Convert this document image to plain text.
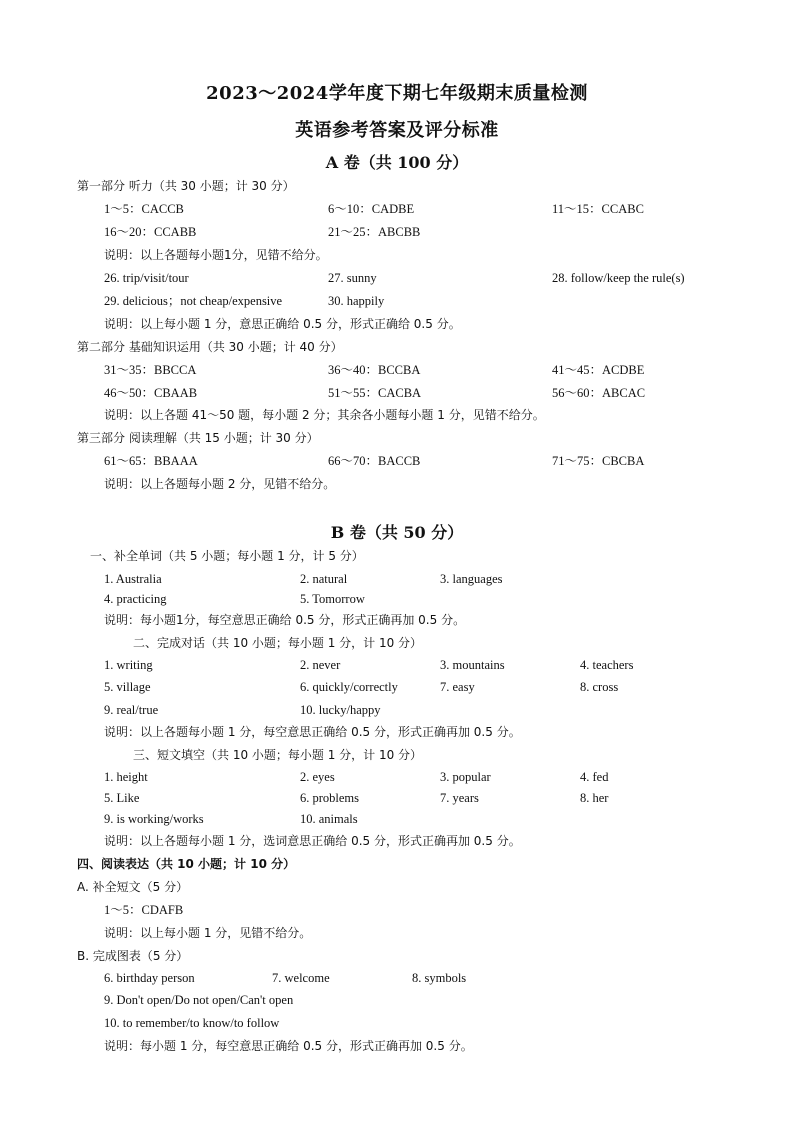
2023～2024学年度下期七年级期末质量检测
英语参考答案及评分标准
A 卷（共 100 分）
第一部分 听力（共 30 小题；计 30 分）
1～5：CACCB	6～10：CADBE	11～15：CCABC
16～20：CCABB	21～25：ABCBB
说明：以上各题每小题1分，见错不给分。
26. trip/visit/tour	27. sunny	28. follow/keep the rule(s)
29. delicious；not cheap/expensive	30. happily
说明：以上每小题 1 分，意思正确给 0.5 分，形式正确给 0.5 分。
第二部分 基础知识运用（共 30 小题；计 40 分）
31～35：BBCCA	36～40：BCCBA	41～45：ACDBE
46～50：CBAAB	51～55：CACBA	56～60：ABCAC
说明：以上各题 41～50 题，每小题 2 分；其余各小题每小题 1 分，见错不给分。
第三部分 阅读理解（共 15 小题；计 30 分）
61～65：BBAAA	66～70：BACCB	71～75：CBCBA
说明：以上各题每小题 2 分，见错不给分。
B 卷（共 50 分）
一、补全单词（共 5 小题；每小题 1 分，计 5 分）
1. Australia	2. natural	3. languages
4. practicing	5. Tomorrow
说明：每小题1分，每空意思正确给 0.5 分，形式正确再加 0.5 分。
二、完成对话（共 10 小题；每小题 1 分，计 10 分）
1. writing	2. never	3. mountains	4. teachers
5. village	6. quickly/correctly	7. easy	8. cross
9. real/true	10. lucky/happy
说明：以上各题每小题 1 分，每空意思正确给 0.5 分，形式正确再加 0.5 分。
三、短文填空（共 10 小题；每小题 1 分，计 10 分）
1. height	2. eyes	3. popular	4. fed
5. Like	6. problems	7. years	8. her
9. is working/works	10. animals
说明：以上各题每小题 1 分，选词意思正确给 0.5 分，形式正确再加 0.5 分。
四、阅读表达（共 10 小题；计 10 分）
A. 补全短文（5 分）
1～5：CDAFB
说明：以上每小题 1 分，见错不给分。
B. 完成图表（5 分）
6. birthday person	7. welcome	8. symbols
9. Don't open/Do not open/Can't open
10. to remember/to know/to follow
说明：每小题 1 分，每空意思正确给 0.5 分，形式正确再加 0.5 分。
